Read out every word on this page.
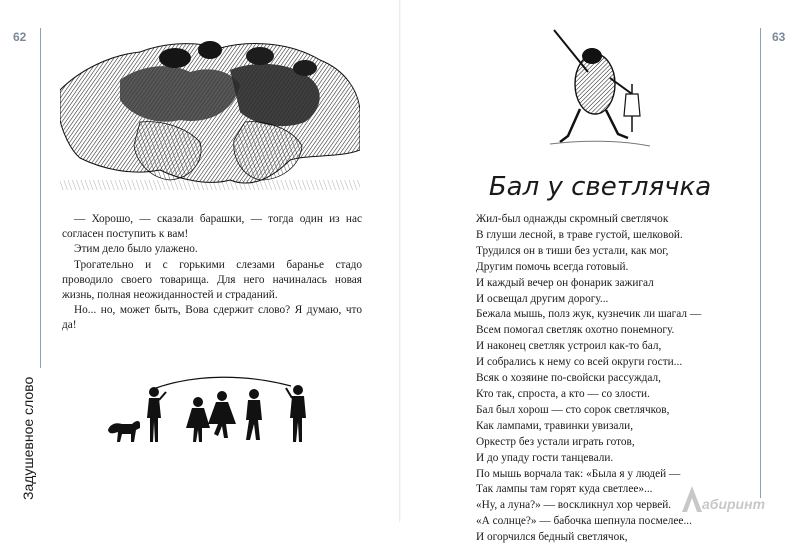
62	63
Задушевное слово

— Хорошо, — сказали барашки, — тогда один из нас согласен поступить к вам!

Этим дело было улажено.

Трогательно и с горькими слезами баранье стадо проводило своего товарища. Для него начиналась новая жизнь, полная неожиданностей и страданий.

Но... но, может быть, Вова сдержит слово? Я думаю, что да!

Бал у светлячка
Жил-был однажды скромный светлячок
В глуши лесной, в траве густой, шелковой.
Трудился он в тиши без устали, как мог,
Другим помочь всегда готовый.
И каждый вечер он фонарик зажигал
И освещал другим дорогу...
Бежала мышь, полз жук, кузнечик ли шагал —
Всем помогал светляк охотно понемногу.
И наконец светляк устроил как-то бал,
И собрались к нему со всей округи гости...
Всяк о хозяине по-свойски рассуждал,
Кто так, спроста, а кто — со злости.
Бал был хорош — сто сорок светлячков,
Как лампами, травинки увизали,
Оркестр без устали играть готов,
И до упаду гости танцевали.
По мышь ворчала так: «Была я у людей —
Так лампы там горят куда светлее»...
«Ну, а луна?» — воскликнул хор червей.
«А солнце?» — бабочка шепнула посмелее...
И огорчился бедный светлячок,
абиринт
